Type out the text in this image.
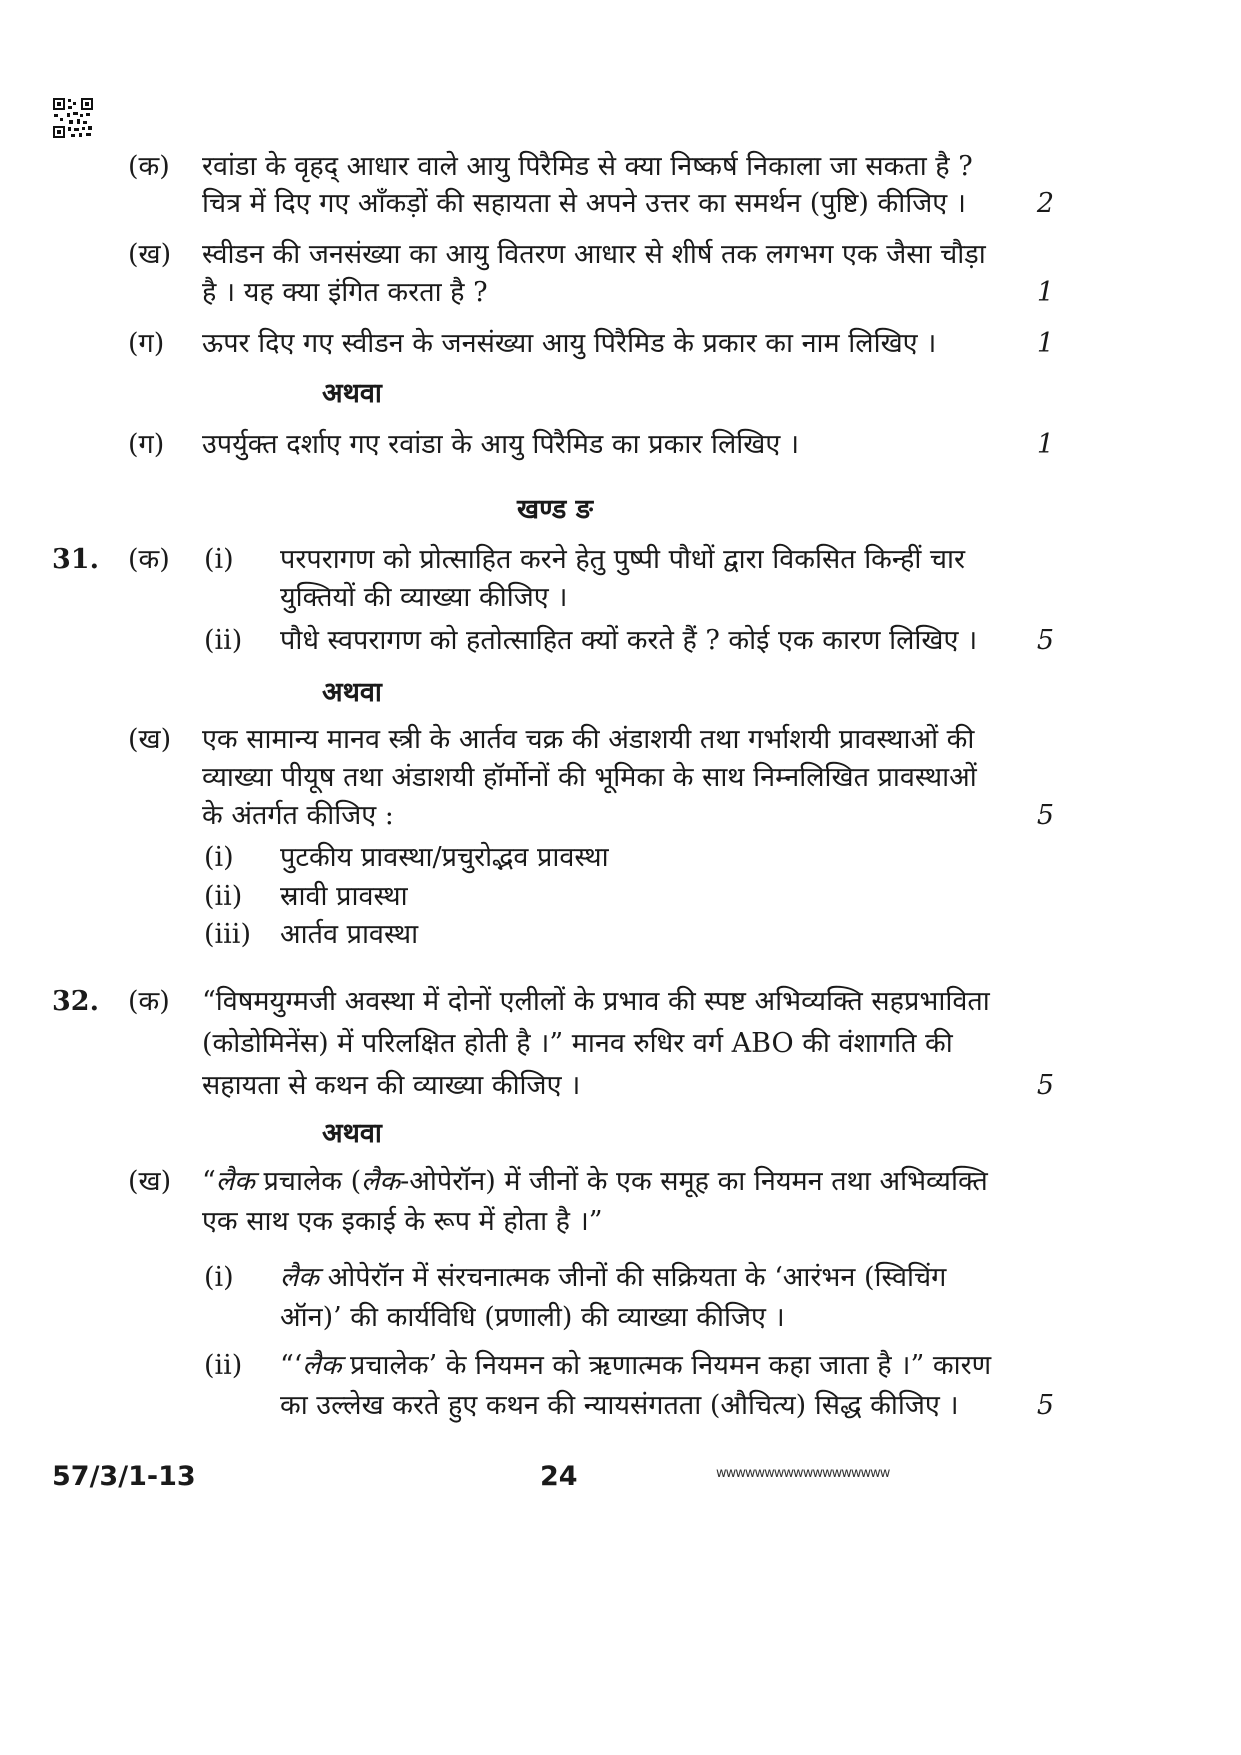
(क) रवांडा के वृहद् आधार वाले आयु पिरैमिड से क्या निष्कर्ष निकाला जा सकता है ?
चित्र में दिए गए आँकड़ों की सहायता से अपने उत्तर का समर्थन (पुष्टि) कीजिए ।	2
(ख) स्वीडन की जनसंख्या का आयु वितरण आधार से शीर्ष तक लगभग एक जैसा चौड़ा
है । यह क्या इंगित करता है ?	1
(ग) ऊपर दिए गए स्वीडन के जनसंख्या आयु पिरैमिड के प्रकार का नाम लिखिए ।	1
अथवा
(ग) उपर्युक्त दर्शाए गए रवांडा के आयु पिरैमिड का प्रकार लिखिए ।	1
खण्ड ङ
31. (क) (i) परपरागण को प्रोत्साहित करने हेतु पुष्पी पौधों द्वारा विकसित किन्हीं चार
युक्तियों की व्याख्या कीजिए ।
(ii) पौधे स्वपरागण को हतोत्साहित क्यों करते हैं ? कोई एक कारण लिखिए ।	5
अथवा
(ख) एक सामान्य मानव स्त्री के आर्तव चक्र की अंडाशयी तथा गर्भाशयी प्रावस्थाओं की
व्याख्या पीयूष तथा अंडाशयी हॉर्मोनों की भूमिका के साथ निम्नलिखित प्रावस्थाओं
के अंतर्गत कीजिए :	5
(i) पुटकीय प्रावस्था/प्रचुरोद्भव प्रावस्था
(ii) स्रावी प्रावस्था
(iii) आर्तव प्रावस्था
32. (क) “विषमयुग्मजी अवस्था में दोनों एलीलों के प्रभाव की स्पष्ट अभिव्यक्ति सहप्रभाविता
(कोडोमिनेंस) में परिलक्षित होती है ।” मानव रुधिर वर्ग ABO की वंशागति की
सहायता से कथन की व्याख्या कीजिए ।	5
अथवा
(ख) “लैक प्रचालेक (लैक-ओपेरॉन) में जीनों के एक समूह का नियमन तथा अभिव्यक्ति
एक साथ एक इकाई के रूप में होता है ।”
(i) लैक ओपेरॉन में संरचनात्मक जीनों की सक्रियता के ‘आरंभन (स्विचिंग
ऑन)’ की कार्यविधि (प्रणाली) की व्याख्या कीजिए ।
(ii) “‘लैक प्रचालेक’ के नियमन को ऋणात्मक नियमन कहा जाता है ।” कारण
का उल्लेख करते हुए कथन की न्यायसंगतता (औचित्य) सिद्ध कीजिए ।	5
57/3/1-13	24	wwwwwwwwwwwwwwwwww
